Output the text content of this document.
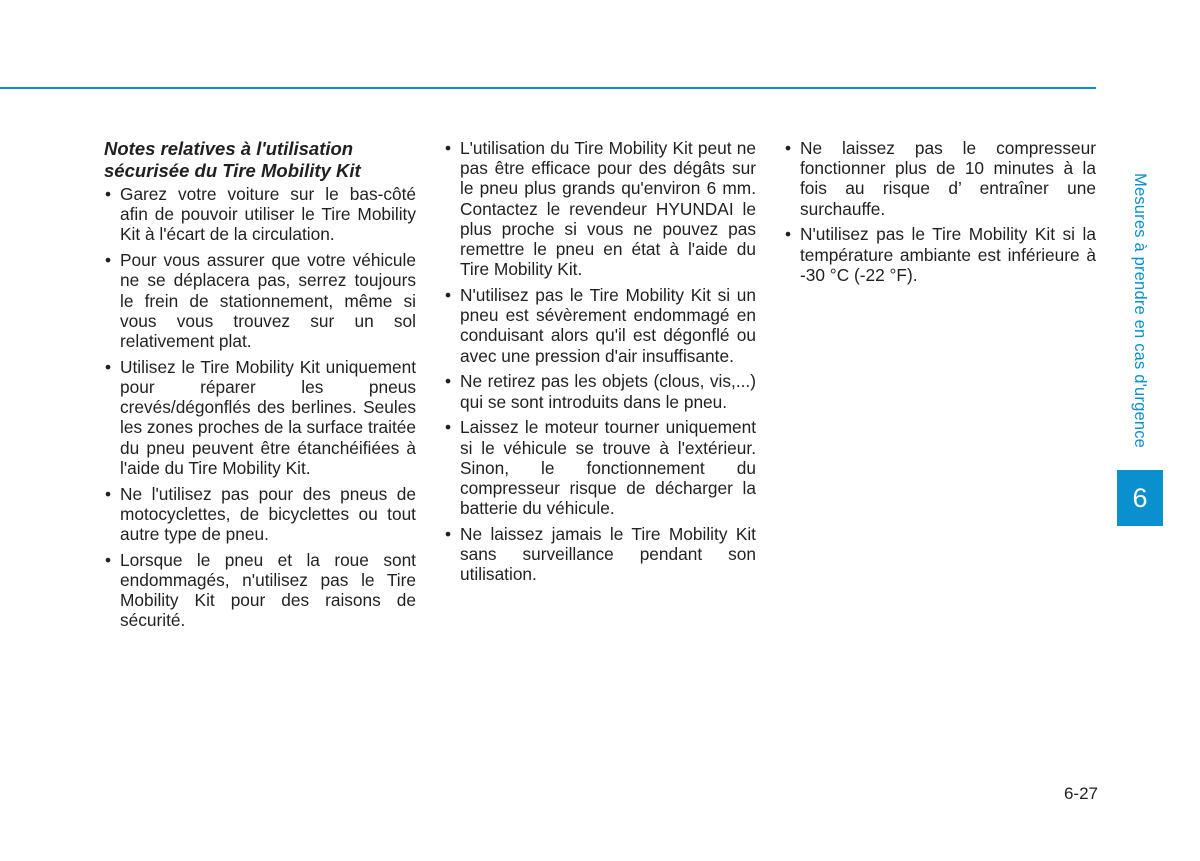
Notes relatives à l'utilisation sécurisée du Tire Mobility Kit
• Garez votre voiture sur le bas-côté afin de pouvoir utiliser le Tire Mobility Kit à l'écart de la circulation.
• Pour vous assurer que votre véhicule ne se déplacera pas, serrez toujours le frein de stationnement, même si vous vous trouvez sur un sol relativement plat.
• Utilisez le Tire Mobility Kit uniquement pour réparer les pneus crevés/dégonflés des berlines. Seules les zones proches de la surface traitée du pneu peuvent être étanchéifiées à l'aide du Tire Mobility Kit.
• Ne l'utilisez pas pour des pneus de motocyclettes, de bicyclettes ou tout autre type de pneu.
• Lorsque le pneu et la roue sont endommagés, n'utilisez pas le Tire Mobility Kit pour des raisons de sécurité.
• L'utilisation du Tire Mobility Kit peut ne pas être efficace pour des dégâts sur le pneu plus grands qu'environ 6 mm. Contactez le revendeur HYUNDAI le plus proche si vous ne pouvez pas remettre le pneu en état à l'aide du Tire Mobility Kit.
• N'utilisez pas le Tire Mobility Kit si un pneu est sévèrement endommagé en conduisant alors qu'il est dégonflé ou avec une pression d'air insuffisante.
• Ne retirez pas les objets (clous, vis,...) qui se sont introduits dans le pneu.
• Laissez le moteur tourner uniquement si le véhicule se trouve à l'extérieur. Sinon, le fonctionnement du compresseur risque de décharger la batterie du véhicule.
• Ne laissez jamais le Tire Mobility Kit sans surveillance pendant son utilisation.
• Ne laissez pas le compresseur fonctionner plus de 10 minutes à la fois au risque d’ entraîner une surchauffe.
• N'utilisez pas le Tire Mobility Kit si la température ambiante est inférieure à -30 °C (-22 °F).	Mesures à prendre en cas d'urgence
6
6-27
